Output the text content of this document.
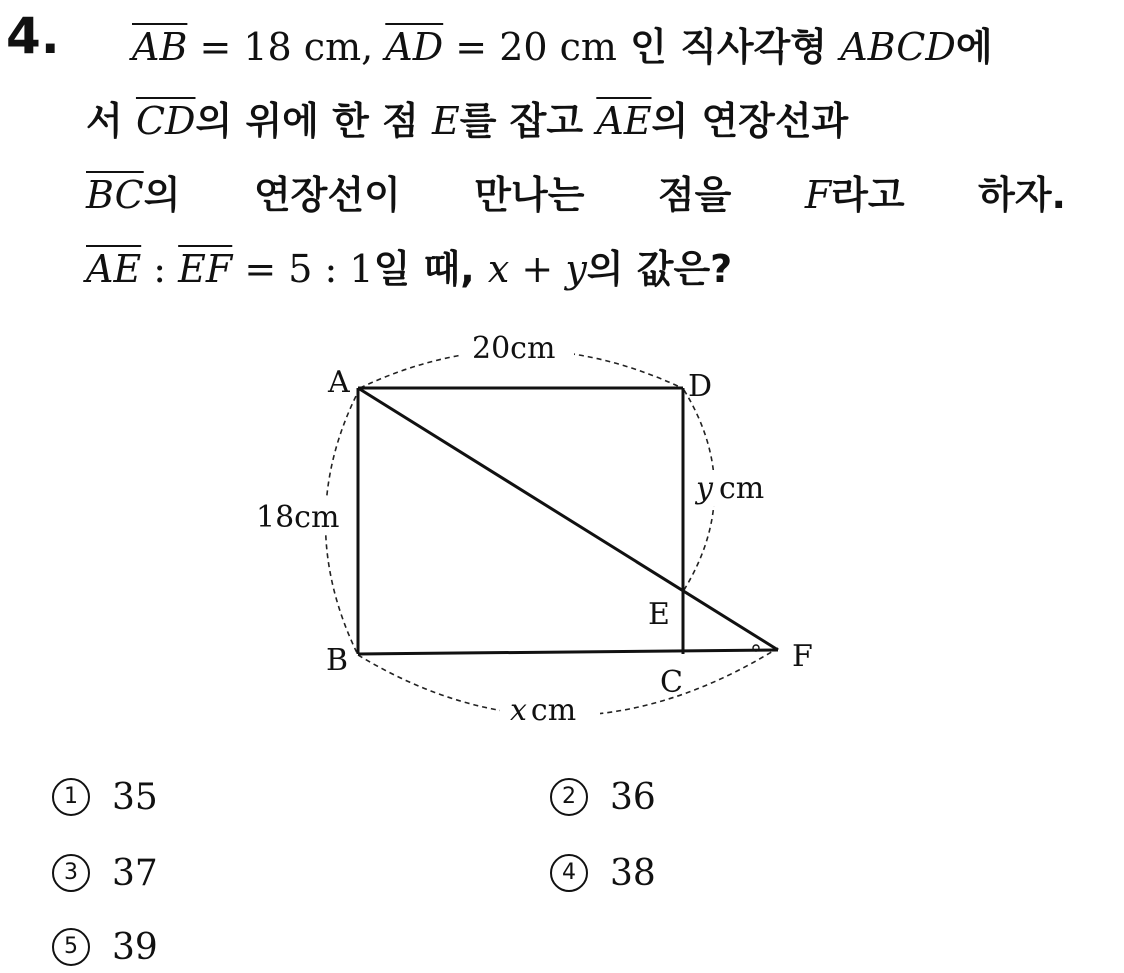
4.	$\overline{AB} = 18$ cm, $\overline{AD} = 20$ cm 인 직사각형 ABCD에
서 $\overline{CD}$의 위에 한 점 E를 잡고 $\overline{AE}$의 연장선과
$\overline{BC}$의 연장선이 만나는 점을 F라고 하자.
$\overline{AE}$ : $\overline{EF} = 5$ : 1일 때, x + y의 값은?
20cm
18cm
y cm
x cm
A	D
B
C
E
F
1 35	2 36
3 37	4 38
5 39
